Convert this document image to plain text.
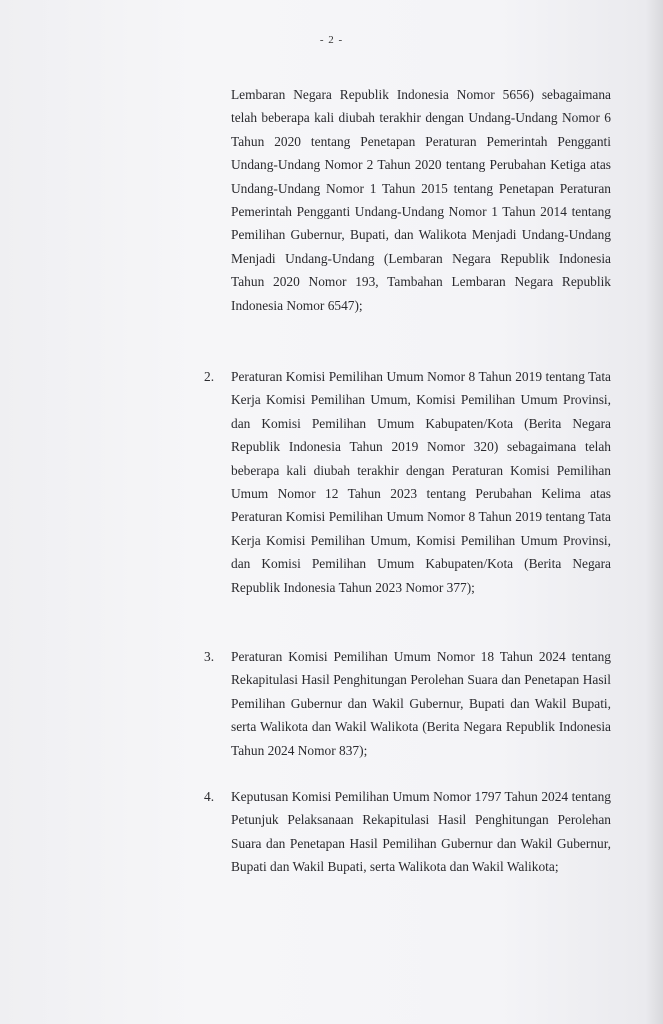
- 2 -
Lembaran Negara Republik Indonesia Nomor 5656) sebagaimana telah beberapa kali diubah terakhir dengan Undang-Undang Nomor 6 Tahun 2020 tentang Penetapan Peraturan Pemerintah Pengganti Undang-Undang Nomor 2 Tahun 2020 tentang Perubahan Ketiga atas Undang-Undang Nomor 1 Tahun 2015 tentang Penetapan Peraturan Pemerintah Pengganti Undang-Undang Nomor 1 Tahun 2014 tentang Pemilihan Gubernur, Bupati, dan Walikota Menjadi Undang-Undang Menjadi Undang-Undang (Lembaran Negara Republik Indonesia Tahun 2020 Nomor 193, Tambahan Lembaran Negara Republik Indonesia Nomor 6547);
2. Peraturan Komisi Pemilihan Umum Nomor 8 Tahun 2019 tentang Tata Kerja Komisi Pemilihan Umum, Komisi Pemilihan Umum Provinsi, dan Komisi Pemilihan Umum Kabupaten/Kota (Berita Negara Republik Indonesia Tahun 2019 Nomor 320) sebagaimana telah beberapa kali diubah terakhir dengan Peraturan Komisi Pemilihan Umum Nomor 12 Tahun 2023 tentang Perubahan Kelima atas Peraturan Komisi Pemilihan Umum Nomor 8 Tahun 2019 tentang Tata Kerja Komisi Pemilihan Umum, Komisi Pemilihan Umum Provinsi, dan Komisi Pemilihan Umum Kabupaten/Kota (Berita Negara Republik Indonesia Tahun 2023 Nomor 377);
3. Peraturan Komisi Pemilihan Umum Nomor 18 Tahun 2024 tentang Rekapitulasi Hasil Penghitungan Perolehan Suara dan Penetapan Hasil Pemilihan Gubernur dan Wakil Gubernur, Bupati dan Wakil Bupati, serta Walikota dan Wakil Walikota (Berita Negara Republik Indonesia Tahun 2024 Nomor 837);
4. Keputusan Komisi Pemilihan Umum Nomor 1797 Tahun 2024 tentang Petunjuk Pelaksanaan Rekapitulasi Hasil Penghitungan Perolehan Suara dan Penetapan Hasil Pemilihan Gubernur dan Wakil Gubernur, Bupati dan Wakil Bupati, serta Walikota dan Wakil Walikota;
